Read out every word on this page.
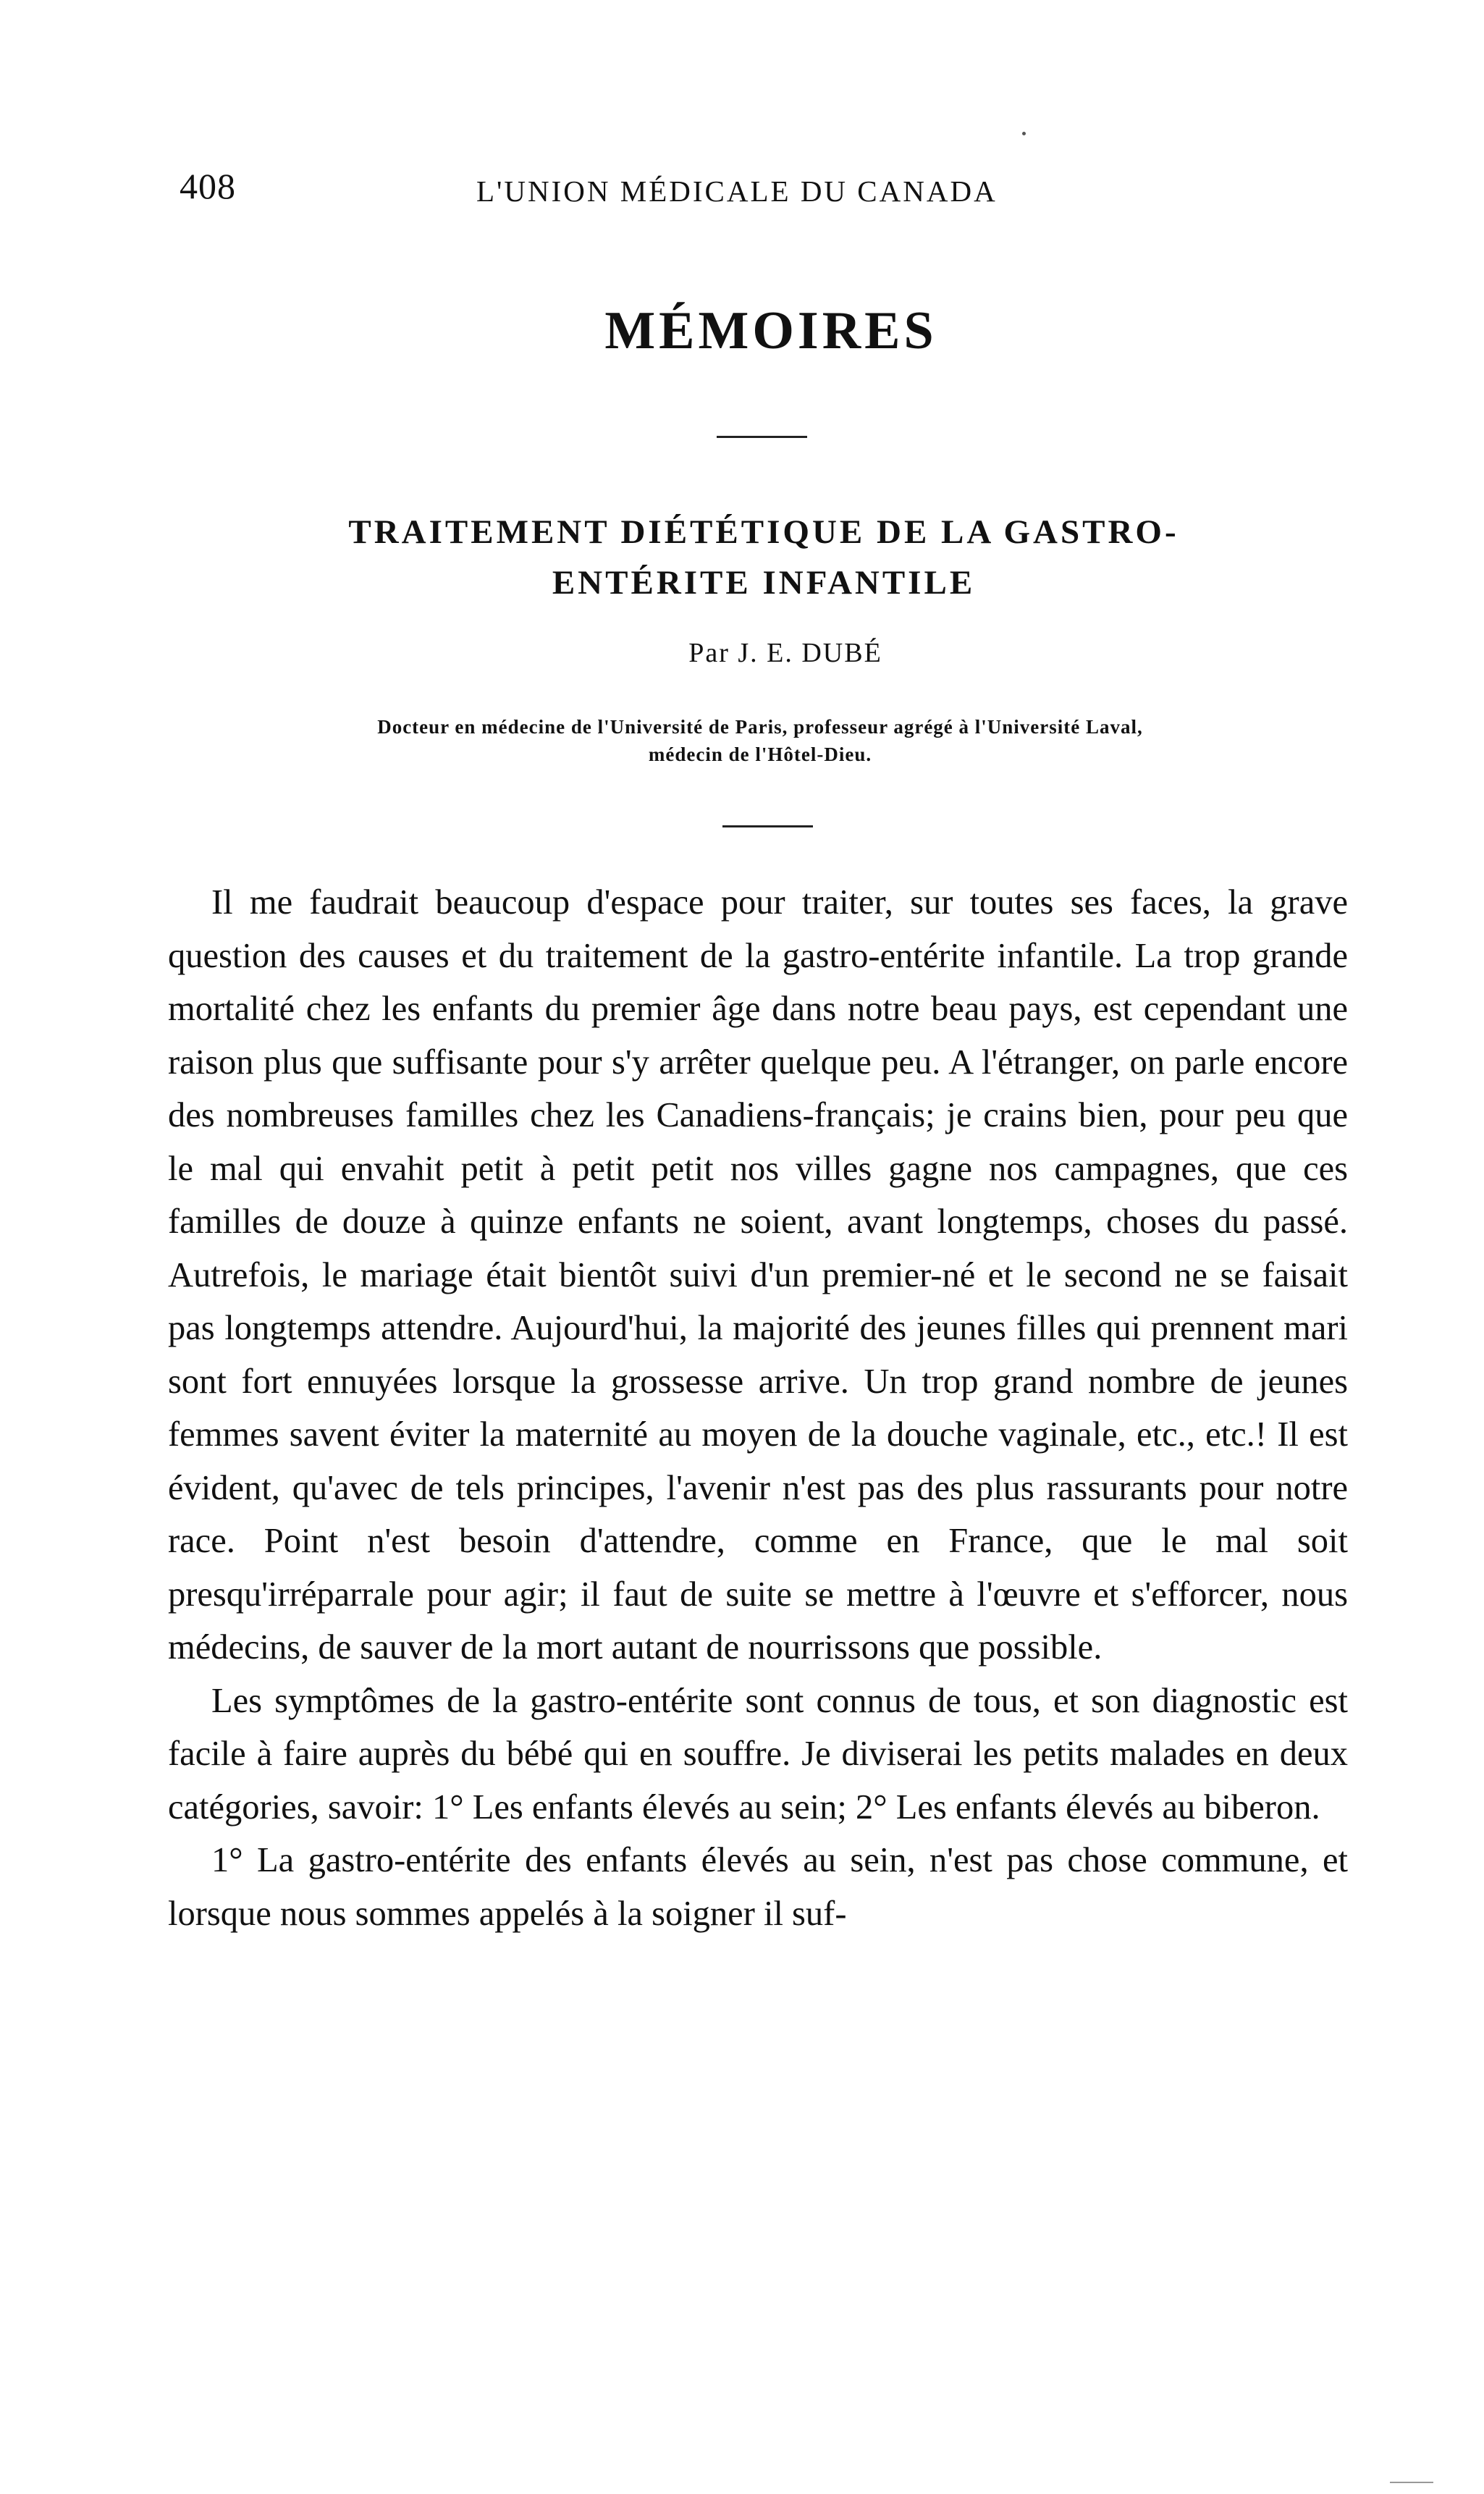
408	L'UNION MÉDICALE DU CANADA
MÉMOIRES
TRAITEMENT DIÉTÉTIQUE DE LA GASTRO-
ENTÉRITE INFANTILE
Par J. E. DUBÉ
Docteur en médecine de l'Université de Paris, professeur agrégé à l'Université Laval,
médecin de l'Hôtel-Dieu.

Il me faudrait beaucoup d'espace pour traiter, sur toutes ses faces, la grave question des causes et du traitement de la gastro-entérite infantile. La trop grande mortalité chez les enfants du premier âge dans notre beau pays, est cependant une raison plus que suffisante pour s'y arrêter quelque peu. A l'étranger, on parle encore des nombreuses familles chez les Canadiens-français; je crains bien, pour peu que le mal qui envahit petit à petit petit nos villes gagne nos campagnes, que ces familles de douze à quinze enfants ne soient, avant longtemps, choses du passé. Autrefois, le mariage était bientôt suivi d'un premier-né et le second ne se faisait pas longtemps attendre. Aujourd'hui, la majorité des jeunes filles qui prennent mari sont fort ennuyées lorsque la grossesse arrive. Un trop grand nombre de jeunes femmes savent éviter la maternité au moyen de la douche vaginale, etc., etc.! Il est évident, qu'avec de tels principes, l'avenir n'est pas des plus rassurants pour notre race. Point n'est besoin d'attendre, comme en France, que le mal soit presqu'irréparrale pour agir; il faut de suite se mettre à l'œuvre et s'efforcer, nous médecins, de sauver de la mort autant de nourrissons que possible.

Les symptômes de la gastro-entérite sont connus de tous, et son diagnostic est facile à faire auprès du bébé qui en souffre. Je diviserai les petits malades en deux catégories, savoir: 1° Les enfants élevés au sein; 2° Les enfants élevés au biberon.

1° La gastro-entérite des enfants élevés au sein, n'est pas chose commune, et lorsque nous sommes appelés à la soigner il suf-
